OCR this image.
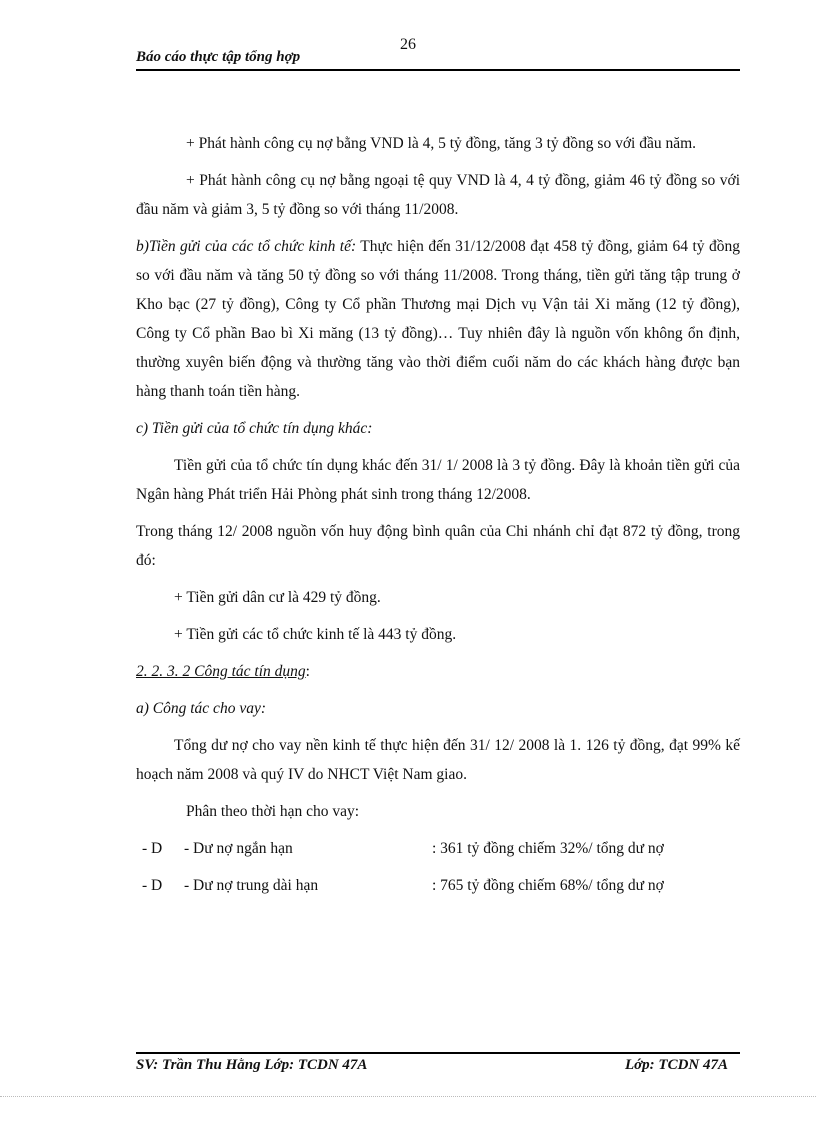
26
Báo cáo thực tập tổng hợp

+ Phát hành công cụ nợ bằng VND là 4, 5 tỷ đồng, tăng 3 tỷ đồng so với đầu năm.

+ Phát hành công cụ nợ bằng ngoại tệ quy VND là 4, 4 tỷ đồng, giảm 46 tỷ đồng so với đầu năm và giảm 3, 5 tỷ đồng so với tháng 11/2008.

b)Tiền gửi của các tổ chức kinh tế: Thực hiện đến 31/12/2008 đạt 458 tỷ đồng, giảm 64 tỷ đồng so với đầu năm và tăng 50 tỷ đồng so với tháng 11/2008. Trong tháng, tiền gửi tăng tập trung ở Kho bạc (27 tỷ đồng), Công ty Cổ phần Thương mại Dịch vụ Vận tải Xi măng (12 tỷ đồng), Công ty Cổ phần Bao bì Xi măng (13 tỷ đồng)… Tuy nhiên đây là nguồn vốn không ổn định, thường xuyên biến động và thường tăng vào thời điểm cuối năm do các khách hàng được bạn hàng thanh toán tiền hàng.

c) Tiền gửi của tổ chức tín dụng khác:

Tiền gửi của tổ chức tín dụng khác đến 31/ 1/ 2008 là 3 tỷ đồng. Đây là khoản tiền gửi của Ngân hàng Phát triển Hải Phòng phát sinh trong tháng 12/2008.

Trong tháng 12/ 2008 nguồn vốn huy động bình quân của Chi nhánh chỉ đạt 872 tỷ đồng, trong đó:

+ Tiền gửi dân cư là 429 tỷ đồng.

+ Tiền gửi các tổ chức kinh tế là 443 tỷ đồng.

2. 2. 3. 2 Công tác tín dụng:

a) Công tác cho vay:

Tổng dư nợ cho vay nền kinh tế thực hiện đến 31/ 12/ 2008 là 1. 126 tỷ đồng, đạt 99% kế hoạch năm 2008 và quý IV do NHCT Việt Nam giao.

Phân theo thời hạn cho vay:

- D	- Dư nợ ngắn hạn	: 361 tỷ đồng chiếm 32%/ tổng dư nợ
- D	- Dư nợ trung dài hạn	: 765 tỷ đồng chiếm 68%/ tổng dư nợ
SV: Trần Thu Hằng Lớp: TCDN 47A	Lớp: TCDN 47A
